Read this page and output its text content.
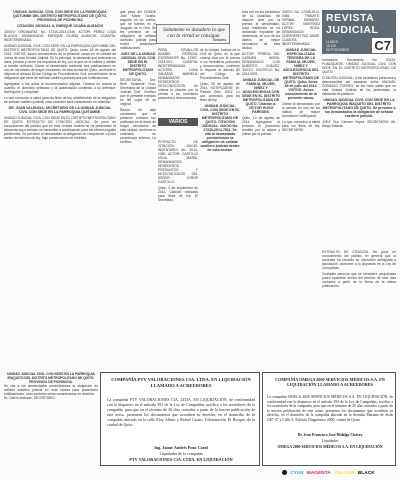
UNIDAD JUDICIAL CIVIL CON SEDE EN LA PARROQUIA QUITUMBE DEL DISTRITO METROPOLITANO DE QUITO, PROVINCIA DE PICHINCHA

CITACIÓN JUDICIAL A: ENRIQUE OCAÑA ALMACHI

JUICIO: ORDINARIO. No. 17315-2014-0345. ACTOR: PÉREZ LOZA BLANCA. DEMANDADO: ENRIQUE OCAÑA ALMACHI. CUANTÍA: INDETERMINADA.

UNIDAD JUDICIAL CIVIL CON SEDE EN LA PARROQUIA QUITUMBE DEL DISTRITO METROPOLITANO DE QUITO. Quito, lunes 18 de agosto del 2014. VISTOS: Avoco conocimiento de la presente causa en mi calidad de Jueza de esta Unidad Judicial. En lo principal, la demanda que antecede es clara, precisa y reúne los requisitos de ley, por lo que se la califica y admite al trámite ordinario. Cítese al demandado mediante tres publicaciones en uno de los diarios de mayor circulación de esta ciudad de Quito, conforme lo dispone el artículo 82 del Código de Procedimiento Civil, previniéndole de la obligación que tiene de señalar casillero judicial para sus notificaciones.

Agréguese a los autos la documentación adjunta. Tómese en cuenta la cuantía, el domicilio señalado y la autorización conferida a su defensor. Notifíquese y cúmplase.

Lo que comunico a usted para los fines de ley, advirtiéndole de la obligación de señalar casillero judicial, caso contrario será considerado en rebeldía.

DR. JUAN VALENCIA, SECRETARIO DE LA UNIDAD JUDICIAL CIVIL CON SEDE EN LA PARROQUIA QUITUMBE.

UNIDAD JUDICIAL CIVIL CON SEDE EN EL DISTRITO METROPOLITANO DE QUITO. EXTRACTO DE CITACIÓN JUDICIAL. Se pone en conocimiento del público que en esta Unidad Judicial se ha presentado la demanda cuyo extracto se transcribe a continuación para los efectos legales pertinentes. Se previene al demandado la obligación de comparecer a juicio dentro del término de ley, bajo prevenciones de rebeldía.

que pesa del DONDE Josh Mario Ocaña, seguido en su contra, que se tramita en el Juzgado de lo Civil. Se les previene de la obligación de señalar domicilio judicial para recibir posteriores notificaciones.

JUEZ DE LA UNIDAD JUDICIAL CIVIL CON SEDE EN EL DISTRITO METROPOLITANO DE QUITO.

SECRETARIA. Dra. Ruth Sandoval Cruz, Secretaria de la Unidad Judicial Civil. Certifico que el presente extracto es fiel copia de su original.

Razón: Se deja constancia que el presente extracto fue publicado en el diario de mayor circulación de esta ciudad, conforme lo ordenado en providencia anterior. Lo certifico.

Solamente es duradero lo que con la virtud se consigue.
Sófocles

PEÑA CEVALLOS ANABEL PATRICIA, EXPEDIENTE No. 17957-2014-001: CUANTÍA: INDETERMINADA. ACTORA: LUNA SALAZAR MARIELA. DEMANDADO: HEREDEROS DESCONOCIDOS. Se ordena la citación por la prensa a los herederos presuntos y desconocidos.

EXTRACTO DE CITACIÓN: JUICIO: INVENTARIO No. 2014-1280. ACTOR: CASTILLO VEGA MARÍA. DEMANDADOS: HEREDEROS PRESUNTOS Y DESCONOCIDOS DEL SEÑOR JORGE CASTILLO.

Quito, 3 de septiembre de 2014. Citación realizada para fines de ley. El Secretario.

VARIOS

de la Unidad Judicial de lo Civil de Quito, en la que ordena citar por la prensa a los herederos presuntos y desconocidos, conforme lo dispone el artículo 82 del Código de Procedimiento Civil.

Quito, 25 de agosto del 2014. NOTIFÍQUESE. Dr. Patricio Ortiz, JUEZ. Lo que comunico para los fines de ley.

UNIDAD JUDICIAL CIVIL CON SEDE EN EL DISTRITO METROPOLITANO DE QUITO. CITACIÓN JUDICIAL. JUICIO No. 17230-2014-7811. Se cita al demandado previniéndole la obligación de señalar casillero judicial dentro de esta ciudad.

sola vez en los periódicos de la localidad. Se dispone citar por la prensa al demandado, cuya residencia se ha declarado imposible de determinar, en uno de los diarios de mayor circulación de esta ciudad.

ACTOR: TERESA DEL CARMEN MORA. DEMANDADO: LUIS ALBERTO CHÁVEZ. JUICIO: DIVORCIO No. 2014-0921.

UNIDAD JUDICIAL DE FAMILIA, MUJER, NIÑEZ Y ADOLESCENCIA CON SEDE EN EL DISTRITO METROPOLITANO DE QUITO. Citación a: VÍCTOR HUGO PAREDES.

Quito, 12 de agosto de 2014. Agréguese al proceso el juramento rendido por la actora y cítese por la prensa.

JUICIO No. 17208-2014-0456. TRÁMITE: VERBAL SUMARIO. ACTOR: MARTÍNEZ LÓPEZ ROSA. DEMANDADO: GUERRERO PAZ JAIME. CUANTÍA: INDETERMINADA.

UNIDAD JUDICIAL ESPECIALIZADA TERCERA DE LA FAMILIA, MUJER, NIÑEZ Y ADOLESCENCIA DEL DISTRITO METROPOLITANO DE QUITO. Quito, lunes 28 de julio del 2014. VISTOS: Avoco conocimiento de la presente causa.

Cítese al demandado por la prensa en uno de los diarios de mayor circulación. Notifíquese.

Lo que comunico a usted para los fines de ley. SECRETARIO.

REVISTA
JUDICIAL
LUNES
15 DE
SEPTIEMBRE
DE 2014
C7

honorarios, Documento No. 00124. PUBLÍQUESE. UNIDAD JUDICIAL CIVIL CON SEDE EN EL DISTRITO METROPOLITANO DE QUITO.

CITACIÓN JUDICIAL: A los herederos presuntos y desconocidos del causante señor MANUEL GONZALO TORRES, se les hace saber que en esta Unidad Judicial se ha presentado la demanda de partición.

UNIDAD JUDICIAL CIVIL CON SEDE EN LA PARROQUIA IÑAQUITO DEL DISTRITO METROPOLITANO DE QUITO. Se previene a los demandados la obligación de señalar casillero judicial.

JUEZ: Dra. Carmen Yépez. SECRETARIO: Ab. Diego Salazar.

EXTRACTO DE CITACIÓN. Se pone en conocimiento del público en general que la sociedad ha resuelto su disolución anticipada y liquidación, conforme a lo dispuesto en la Ley de Compañías.

Cualquier persona que se considere perjudicada podrá oponerse dentro del término de seis días contados a partir de la fecha de la última publicación.

UNIDAD JUDICIAL CIVIL CON SEDE EN LA PARROQUIA IÑAQUITO DEL DISTRITO METROPOLITANO DE QUITO, PROVINCIA DE PICHINCHA.

Se cita a los demandados previniéndoles la obligación de señalar casillero judicial en esta ciudad para posteriores notificaciones, caso contrario serán considerados en rebeldía.

Dr. Carlos Andrade, SECRETARIO.

COMPAÑÍA PTV VALORACIONES CIA. LTDA. EN LIQUIDACIÓN LLAMADO A ACREEDORES
La compañía PTV VALORACIONES CIA. LTDA. EN LIQUIDACIÓN, de conformidad con lo dispuesto en el artículo 393 de la Ley de Compañías, notifica a los acreedores de la compañía, para que en el término de 20 días contados a partir de la tercera publicación de este aviso, presenten los documentos que acrediten su derecho, en el domicilio de la compañía ubicado en la calle Eloy Alfaro y Rafael Castro, Urbanización El Bosque, de la ciudad de Quito.
Ing. Jaime Andrés Pozo Coral
Liquidador de la compañía
PTV VALORACIONES CIA. LTDA. EN LIQUIDACIÓN
COMPAÑÍA OMEGA 2000 SERVICIOS MÉDICOS S.A. EN LIQUIDACIÓN LLAMADO A ACREEDORES
La compañía OMEGA 2000 SERVICIOS MÉDICOS S.A. EN LIQUIDACIÓN, de conformidad con lo dispuesto en el artículo 393 de la Ley de Compañías, notifica a los acreedores de la compañía, para que en el término de 20 días contados a partir de la tercera publicación de este aviso, presenten los documentos que acrediten su derecho, en el domicilio de la compañía ubicado en la Avenida Mariana de Jesús OE7-47 y Calle A, Edificio Diagnóstico 2000, ciudad de Quito.
Dr. Iván Francisco José Hidalgo Chávez
Liquidador
OMEGA 2000 SERVICIOS MÉDICOS S.A. EN LIQUIDACIÓN
CYAN MAGENTA YELLOW BLACK
